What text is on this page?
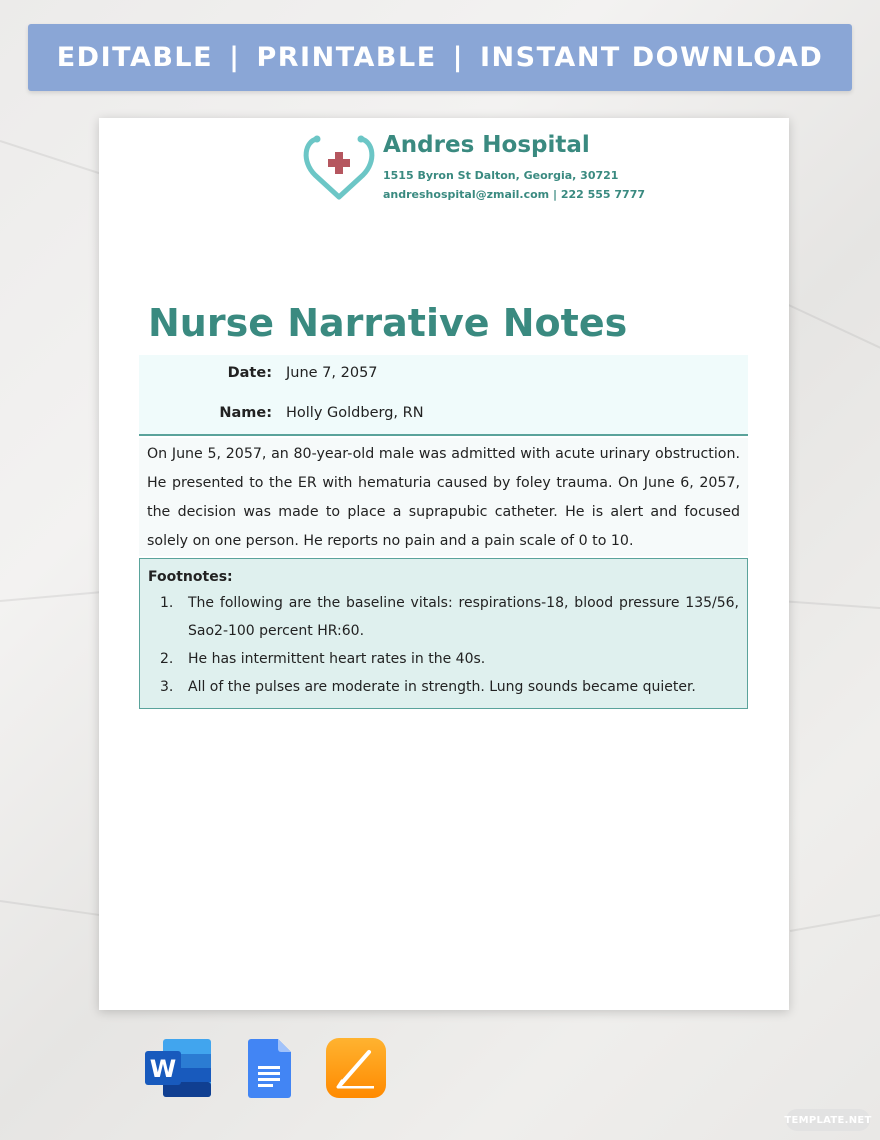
EDITABLE | PRINTABLE | INSTANT DOWNLOAD
Andres Hospital
1515 Byron St Dalton, Georgia, 30721
andreshospital@zmail.com | 222 555 7777
Nurse Narrative Notes
Date: June 7, 2057
Name: Holly Goldberg, RN

On June 5, 2057, an 80-year-old male was admitted with acute urinary obstruction. He presented to the ER with hematuria caused by foley trauma. On June 6, 2057, the decision was made to place a suprapubic catheter. He is alert and focused solely on one person. He reports no pain and a pain scale of 0 to 10.

Footnotes:
1. The following are the baseline vitals: respirations-18, blood pressure 135/56, Sao2-100 percent HR:60.
2. He has intermittent heart rates in the 40s.
3. All of the pulses are moderate in strength. Lung sounds became quieter.
W
TEMPLATE.NET
